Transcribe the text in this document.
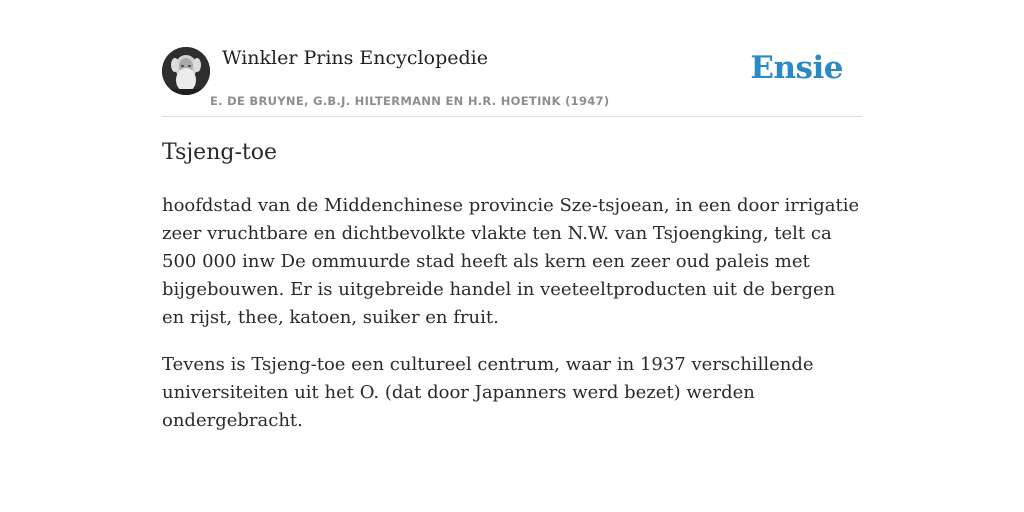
Winkler Prins Encyclopedie
E. DE BRUYNE, G.B.J. HILTERMANN EN H.R. HOETINK (1947)
Ensie
Tsjeng-toe

hoofdstad van de Middenchinese provincie Sze-tsjoean, in een door irrigatie zeer vruchtbare en dichtbevolkte vlakte ten N.W. van Tsjoengking, telt ca 500 000 inw De ommuurde stad heeft als kern een zeer oud paleis met bijgebouwen. Er is uitgebreide handel in veeteeltproducten uit de bergen en rijst, thee, katoen, suiker en fruit.

Tevens is Tsjeng-toe een cultureel centrum, waar in 1937 verschillende universiteiten uit het O. (dat door Japanners werd bezet) werden ondergebracht.
